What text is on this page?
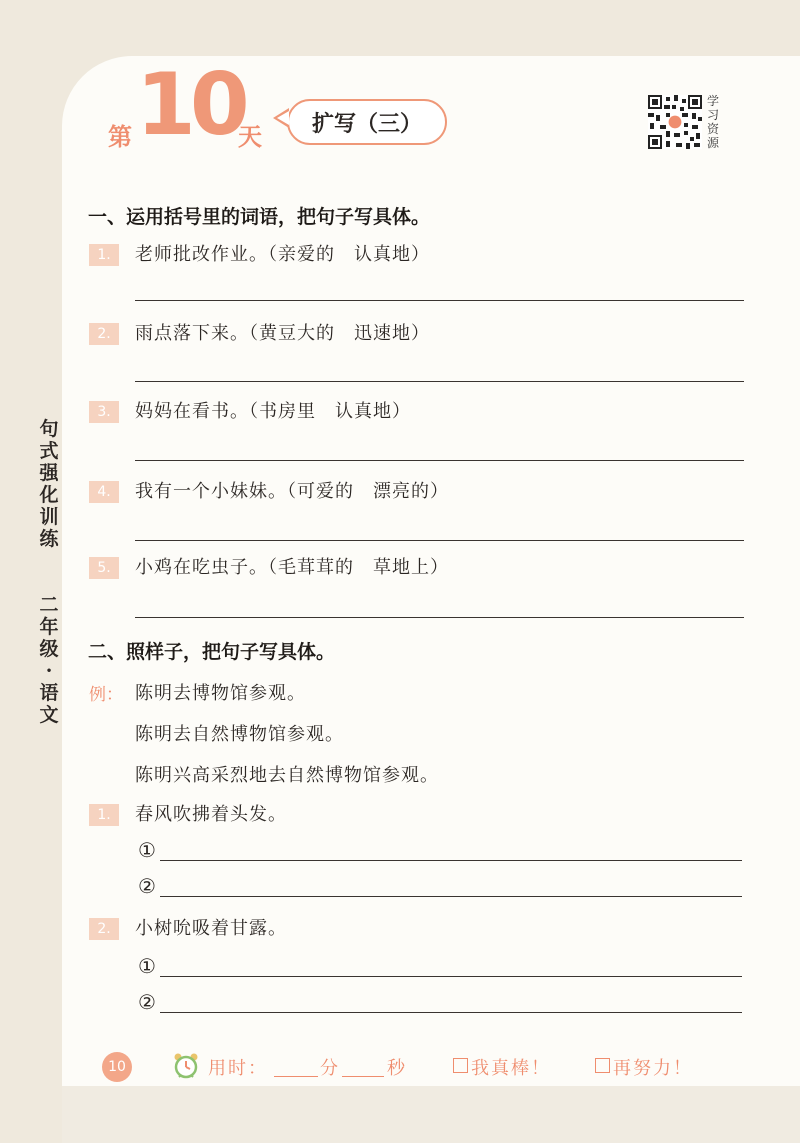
第 10
天	扩写（三）
学
习
资
源
句
式
强
化
训
练
二
年
级
·
语
文
一、运用括号里的词语，把句子写具体。
1.	老师批改作业。（亲爱的　认真地）
2.	雨点落下来。（黄豆大的　迅速地）
3.	妈妈在看书。（书房里　认真地）
4.	我有一个小妹妹。（可爱的　漂亮的）
5.	小鸡在吃虫子。（毛茸茸的　草地上）
二、照样子，把句子写具体。
例： 陈明去博物馆参观。
陈明去自然博物馆参观。
陈明兴高采烈地去自然博物馆参观。
1.	春风吹拂着头发。
①
②
2.	小树吮吸着甘露。
①
②
10	用时：	分	秒	我真棒！	再努力！
